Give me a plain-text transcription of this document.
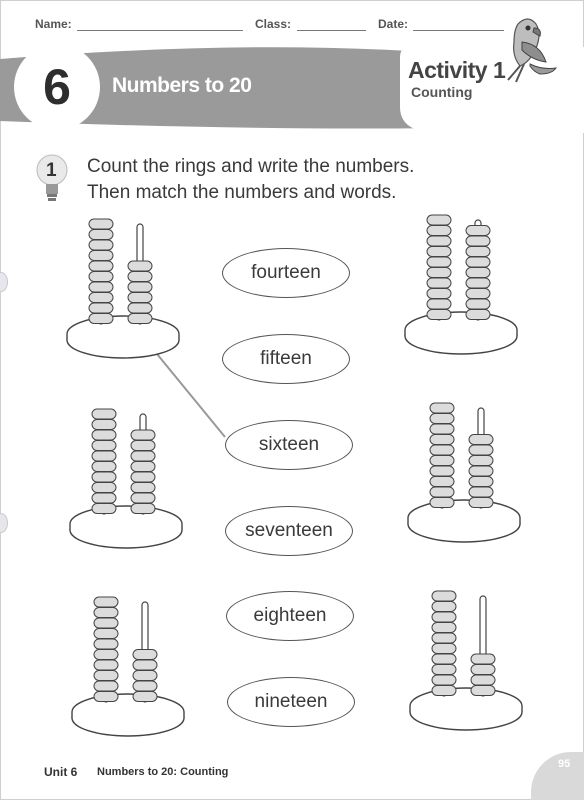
Name:	Class:	Date:
6 Numbers to 20
Activity 1
Counting
1 Count the rings and write the numbers.
Then match the numbers and words.
fourteen
fifteen
sixteen
seventeen
eighteen
nineteen
Unit 6 Numbers to 20: Counting
95
